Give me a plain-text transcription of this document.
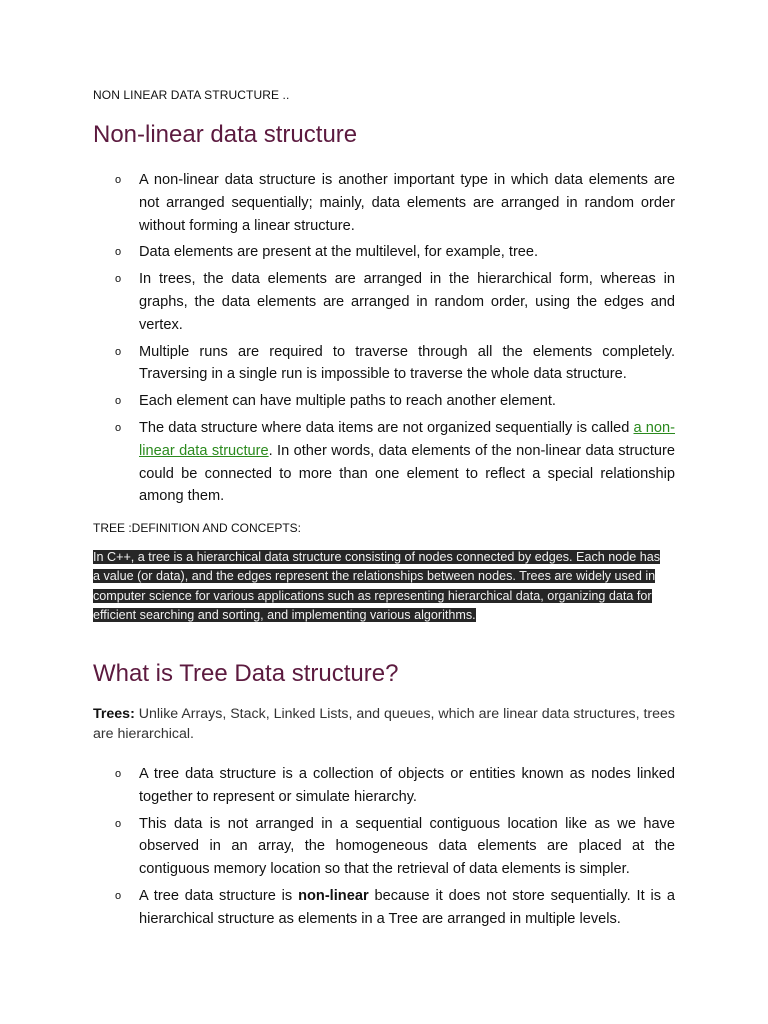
NON LINEAR DATA STRUCTURE ..
Non-linear data structure
o A non-linear data structure is another important type in which data elements are not arranged sequentially; mainly, data elements are arranged in random order without forming a linear structure.
o Data elements are present at the multilevel, for example, tree.
o In trees, the data elements are arranged in the hierarchical form, whereas in graphs, the data elements are arranged in random order, using the edges and vertex.
o Multiple runs are required to traverse through all the elements completely. Traversing in a single run is impossible to traverse the whole data structure.
o Each element can have multiple paths to reach another element.
o The data structure where data items are not organized sequentially is called a non-linear data structure. In other words, data elements of the non-linear data structure could be connected to more than one element to reflect a special relationship among them.
TREE :DEFINITION AND CONCEPTS:
In C++, a tree is a hierarchical data structure consisting of nodes connected by edges. Each node has a value (or data), and the edges represent the relationships between nodes. Trees are widely used in computer science for various applications such as representing hierarchical data, organizing data for efficient searching and sorting, and implementing various algorithms.
What is Tree Data structure?
Trees: Unlike Arrays, Stack, Linked Lists, and queues, which are linear data structures, trees are hierarchical.
o A tree data structure is a collection of objects or entities known as nodes linked together to represent or simulate hierarchy.
o This data is not arranged in a sequential contiguous location like as we have observed in an array, the homogeneous data elements are placed at the contiguous memory location so that the retrieval of data elements is simpler.
o A tree data structure is non-linear because it does not store sequentially. It is a hierarchical structure as elements in a Tree are arranged in multiple levels.
